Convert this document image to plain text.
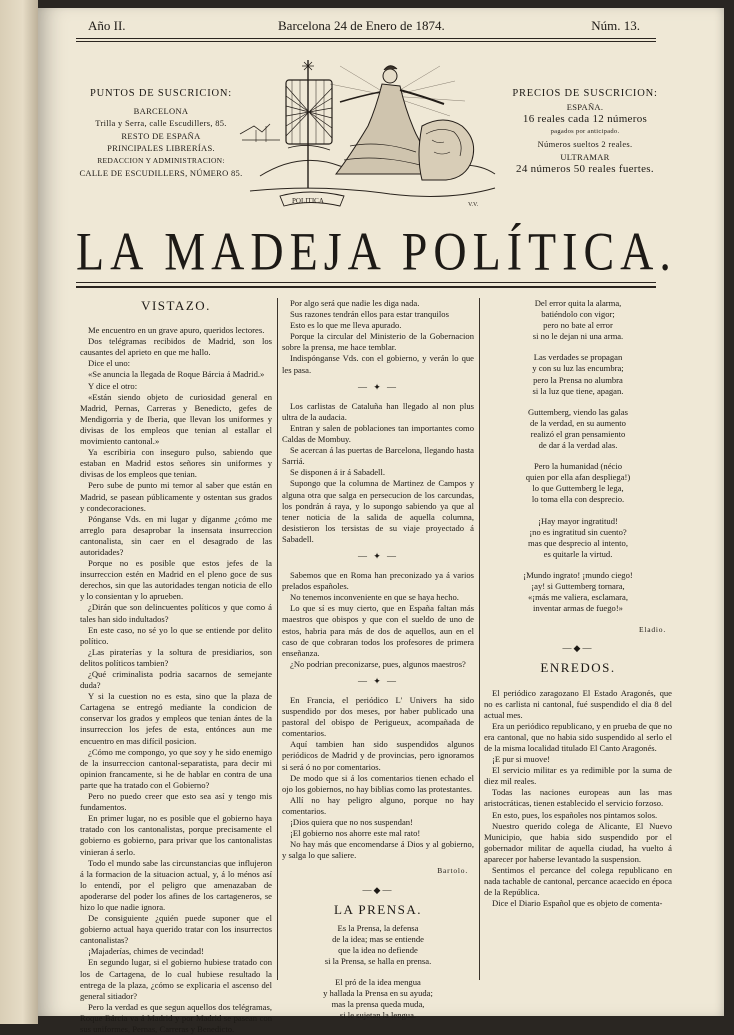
Año II.	Barcelona 24 de Enero de 1874.	Núm. 13.
PUNTOS DE SUSCRICION:
BARCELONA
Trilla y Serra, calle Escudillers, 85.
RESTO DE ESPAÑA
PRINCIPALES LIBRERÍAS.
REDACCION Y ADMINISTRACION:
CALLE DE ESCUDILLERS, NÚMERO 85.
POLITICA	V.V.
PRECIOS DE SUSCRICION:
ESPAÑA.
16 reales cada 12 números
pagados por anticipado.
Números sueltos 2 reales.
ULTRAMAR
24 números 50 reales fuertes.
LA MADEJA POLÍTICA.
VISTAZO.

Me encuentro en un grave apuro, queridos lectores.

Dos telégramas recibidos de Madrid, son los causantes del aprieto en que me hallo.

Dice el uno:

«Se anuncia la llegada de Roque Bárcia á Madrid.»

Y dice el otro:

«Están siendo objeto de curiosidad general en Madrid, Pernas, Carreras y Benedicto, gefes de Mendigorria y de Iberia, que llevan los uniformes y divisas de los empleos que tenian al estallar el movimiento cantonal.»

Ya escribiria con inseguro pulso, sabiendo que estaban en Madrid estos señores sin uniformes y divisas de los empleos que tenian.

Pero sube de punto mi temor al saber que están en Madrid, se pasean públicamente y ostentan sus grados y condecoraciones.

Pónganse Vds. en mi lugar y díganme ¿cómo me arreglo para desaprobar la insensata insurreccion cantonalista, sin caer en el desagrado de las autoridades?

Porque no es posible que estos jefes de la insurreccion estén en Madrid en el pleno goce de sus derechos, sin que las autoridades tengan noticia de ello y lo consientan y lo aprueben.

¿Dirán que son delincuentes políticos y que como á tales han sido indultados?

En este caso, no sé yo lo que se entiende por delito político.

¿Las piraterías y la soltura de presidiarios, son delitos políticos tambien?

¿Qué criminalista podria sacarnos de semejante duda?

Y si la cuestion no es esta, sino que la plaza de Cartagena se entregó mediante la condicion de conservar los grados y empleos que tenian ántes de la insurreccion los jefes de esta, entónces aun me encuentro en mas difícil posicion.

¿Cómo me compongo, yo que soy y he sido enemigo de la insurreccion cantonal-separatista, para decir mi opinion francamente, si he de hablar en contra de una parte que ha tratado con el Gobierno?

Pero no puedo creer que esto sea así y tengo mis fundamentos.

En primer lugar, no es posible que el gobierno haya tratado con los cantonalistas, porque precisamente el gobierno es gobierno, para privar que los cantonalistas vinieran á serlo.

Todo el mundo sabe las circunstancias que influjeron á la formacion de la situacion actual, y, á lo ménos así lo entendí, por el peligro que amenazaban de apoderarse del poder los afines de los cartageneros, se hizo lo que nadie ignora.

De consiguiente ¿quién puede suponer que el gobierno actual haya querido tratar con los insurrectos cantonalistas?

¡Majaderías, chimes de vecindad!

En segundo lugar, si el gobierno hubiese tratado con los de Cartagena, de lo cual hubiese resultado la entrega de la plaza, ¿cómo se explicaria el ascenso del general sitiador?

Pero la verdad es que segun aquellos dos telégramas, Roque Bárcia va á Madrid y por Madrid se pasean con sus uniformes, Pernas, Carreras y Benedicto.

Por algo será que nadie les diga nada.

Sus razones tendrán ellos para estar tranquilos

Esto es lo que me lleva apurado.

Porque la circular del Ministerio de la Gobernacion sobre la prensa, me hace temblar.

Indispónganse Vds. con el gobierno, y verán lo que les pasa.

— ✦ —

Los carlistas de Cataluña han llegado al non plus ultra de la audacia.

Entran y salen de poblaciones tan importantes como Caldas de Mombuy.

Se acercan á las puertas de Barcelona, llegando hasta Sarriá.

Se disponen á ir á Sabadell.

Supongo que la columna de Martinez de Campos y alguna otra que salga en persecucion de los carcundas, los pondrán á raya, y lo supongo sabiendo ya que al tener noticia de la salida de aquella columna, desistieron los tersistas de su viaje proyectado á Sabadell.

— ✦ —

Sabemos que en Roma han preconizado ya á varios prelados españoles.

No tenemos inconveniente en que se haya hecho.

Lo que sí es muy cierto, que en España faltan más maestros que obispos y que con el sueldo de uno de estos, habria para más de dos de aquellos, aun en el caso de que cobraran todos los profesores de primera enseñanza.

¿No podrian preconizarse, pues, algunos maestros?

— ✦ —

En Francia, el periódico L' Univers ha sido suspendido por dos meses, por haber publicado una pastoral del obispo de Perigueux, acompañada de comentarios.

Aquí tambien han sido suspendidos algunos periódicos de Madrid y de provincias, pero ignoramos si será ó no por comentarios.

De modo que si á los comentarios tienen echado el ojo los gobiernos, no hay biblias como las protestantes.

Allí no hay peligro alguno, porque no hay comentarios.

¡Dios quiera que no nos suspendan!

¡El gobierno nos ahorre este mal rato!

No hay más que encomendarse á Dios y al gobierno, y salga lo que saliere.

Bartolo.
—◆—
LA PRENSA.

Es la Prensa, la defensa

de la idea; mas se entiende

que la idea no defiende

si la Prensa, se halla en prensa.

El pró de la idea mengua

y hallada la Prensa en su ayuda;

mas la prensa queda muda,

si le sujetan la lengua.

Del error quita la alarma,

batiéndolo con vigor;

pero no bate al error

si no le dejan ni una arma.

Las verdades se propagan

y con su luz las encumbra;

pero la Prensa no alumbra

si la luz que tiene, apagan.

Guttemberg, viendo las galas

de la verdad, en su aumento

realizó el gran pensamiento

de dar á la verdad alas.

Pero la humanidad (nécio

quien por ella afan despliega!)

lo que Guttemberg le lega,

lo toma ella con desprecio.

¡Hay mayor ingratitud!

¡no es ingratitud sin cuento?

mas que desprecio al intento,

es quitarle la virtud.

¡Mundo ingrato! ¡mundo ciego!

¡ay! si Guttemberg tornara,

«¡más me valiera, esclamara,

inventar armas de fuego!»

Eladio.
—◆—
ENREDOS.

El periódico zaragozano El Estado Aragonés, que no es carlista ni cantonal, fué suspendido el dia 8 del actual mes.

Era un periódico republicano, y en prueba de que no era cantonal, que no habia sido suspendido al serlo el de la misma localidad titulado El Canto Aragonés.

¡E pur si muove!

El servicio militar es ya redimible por la suma de diez mil reales.

Todas las naciones europeas aun las mas aristocráticas, tienen establecido el servicio forzoso.

En esto, pues, los españoles nos pintamos solos.

Nuestro querido colega de Alicante, El Nuevo Municipio, que habia sido suspendido por el gobernador militar de aquella ciudad, ha vuelto á aparecer por haberse levantado la suspension.

Sentimos el percance del colega republicano en nada tachable de cantonal, percance acaecido en época de la República.

Dice el Diario Español que es objeto de comenta-
